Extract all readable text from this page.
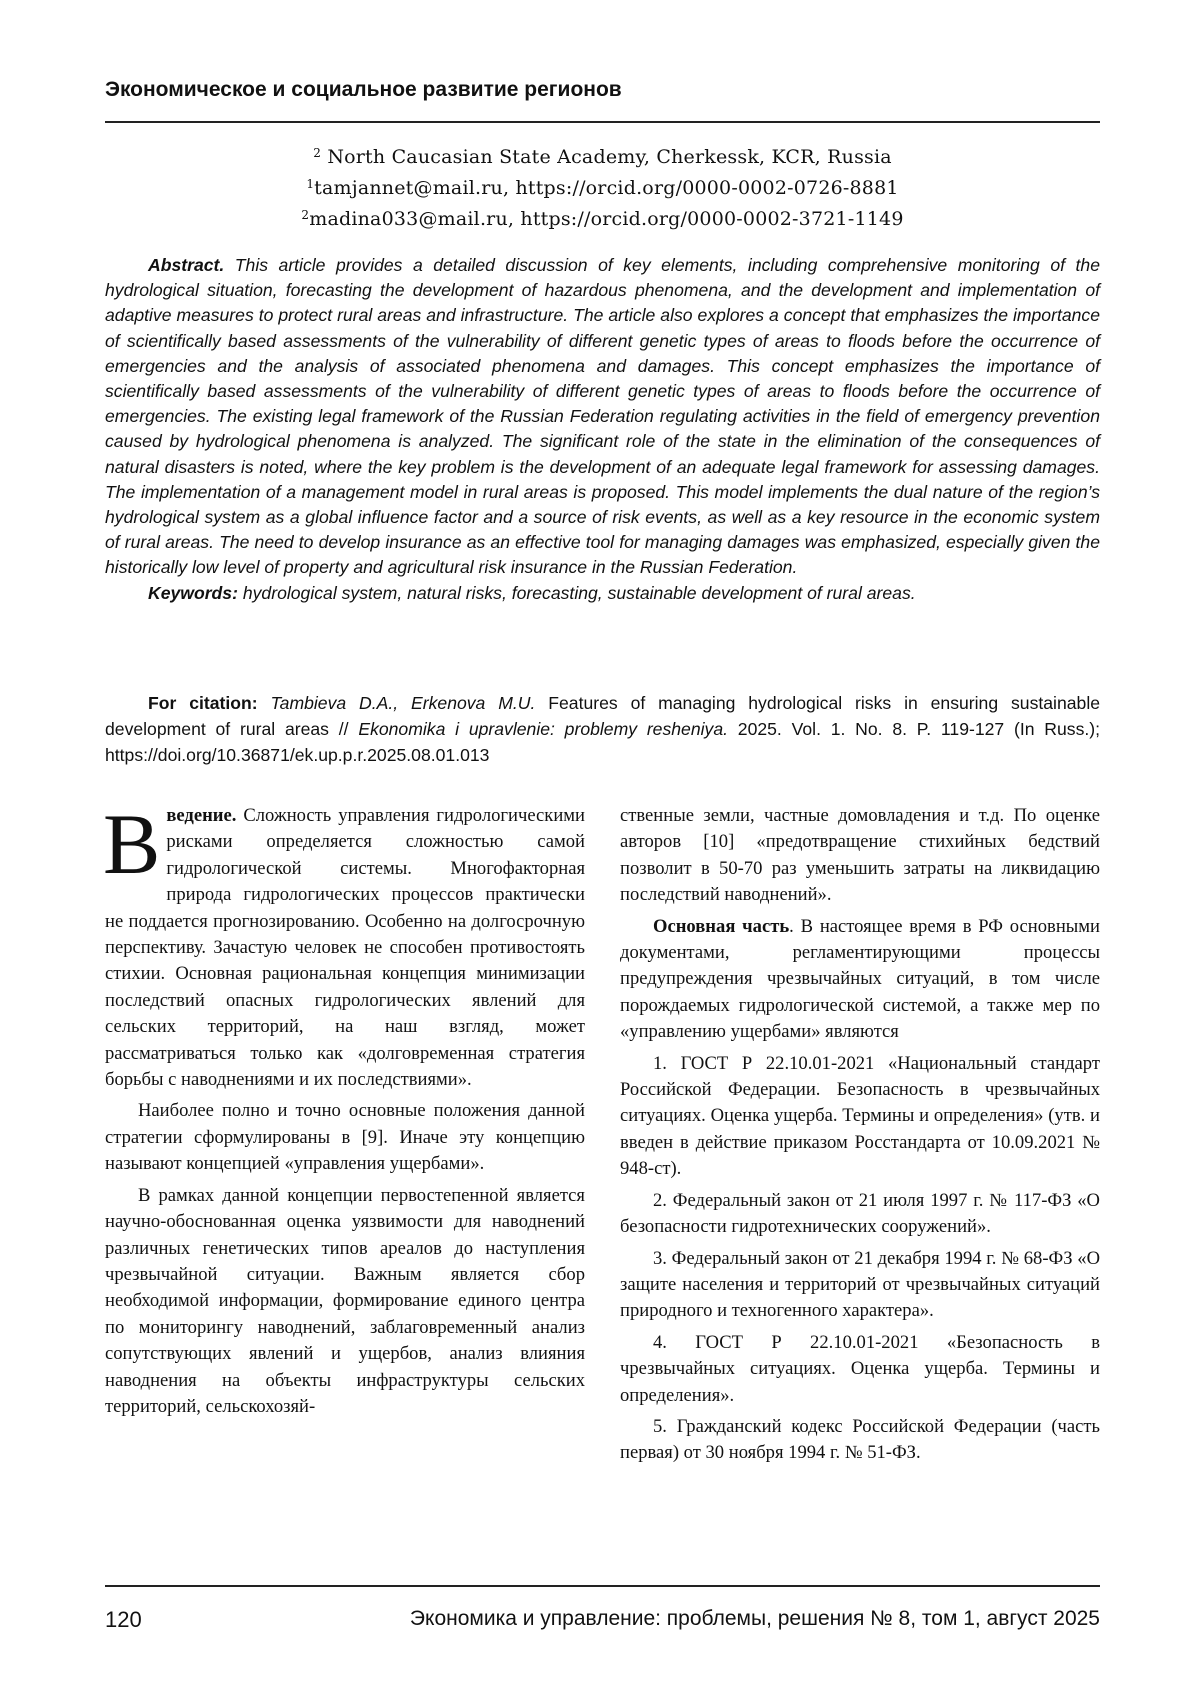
Экономическое и социальное развитие регионов
2 North Caucasian State Academy, Cherkessk, KCR, Russia
1tamjannet@mail.ru, https://orcid.org/0000-0002-0726-8881
2madina033@mail.ru, https://orcid.org/0000-0002-3721-1149

Abstract. This article provides a detailed discussion of key elements, including comprehensive monitoring of the hydrological situation, forecasting the development of hazardous phenomena, and the development and implementation of adaptive measures to protect rural areas and infrastructure. The article also explores a concept that emphasizes the importance of scientifically based assessments of the vulnerability of different genetic types of areas to floods before the occurrence of emergencies and the analysis of associated phenomena and damages. This concept emphasizes the importance of scientifically based assessments of the vulnerability of different genetic types of areas to floods before the occurrence of emergencies. The existing legal framework of the Russian Federation regulating activities in the field of emergency prevention caused by hydrological phenomena is analyzed. The significant role of the state in the elimination of the consequences of natural disasters is noted, where the key problem is the development of an adequate legal framework for assessing damages. The implementation of a management model in rural areas is proposed. This model implements the dual nature of the region’s hydrological system as a global influence factor and a source of risk events, as well as a key resource in the economic system of rural areas. The need to develop insurance as an effective tool for managing damages was emphasized, especially given the historically low level of property and agricultural risk insurance in the Russian Federation.

Keywords: hydrological system, natural risks, forecasting, sustainable development of rural areas.

For citation: Tambieva D.A., Erkenova M.U. Features of managing hydrological risks in ensuring sustainable development of rural areas // Ekonomika i upravlenie: problemy resheniya. 2025. Vol. 1. No. 8. P. 119-127 (In Russ.); https://doi.org/10.36871/ek.up.p.r.2025.08.01.013

В ведение. Сложность управления гидрологическими рисками определяется сложностью самой гидрологической системы. Многофакторная природа гидрологических процессов практически не поддается прогнозированию. Особенно на долгосрочную перспективу. Зачастую человек не способен противостоять стихии. Основная рациональная концепция минимизации последствий опасных гидрологических явлений для сельских территорий, на наш взгляд, может рассматриваться только как «долговременная стратегия борьбы с наводнениями и их последствиями».

Наиболее полно и точно основные положения данной стратегии сформулированы в [9]. Иначе эту концепцию называют концепцией «управления ущербами».

В рамках данной концепции первостепенной является научно-обоснованная оценка уязвимости для наводнений различных генетических типов ареалов до наступления чрезвычайной ситуации. Важным является сбор необходимой информации, формирование единого центра по мониторингу наводнений, заблаговременный анализ сопутствующих явлений и ущербов, анализ влияния наводнения на объекты инфраструктуры сельских территорий, сельскохозяй-

ственные земли, частные домовладения и т.д. По оценке авторов [10] «предотвращение стихийных бедствий позволит в 50-70 раз уменьшить затраты на ликвидацию последствий наводнений».

Основная часть. В настоящее время в РФ основными документами, регламентирующими процессы предупреждения чрезвычайных ситуаций, в том числе порождаемых гидрологической системой, а также мер по «управлению ущербами» являются

1. ГОСТ Р 22.10.01-2021 «Национальный стандарт Российской Федерации. Безопасность в чрезвычайных ситуациях. Оценка ущерба. Термины и определения» (утв. и введен в действие приказом Росстандарта от 10.09.2021 № 948-ст).

2. Федеральный закон от 21 июля 1997 г. № 117-ФЗ «О безопасности гидротехнических сооружений».

3. Федеральный закон от 21 декабря 1994 г. № 68-ФЗ «О защите населения и территорий от чрезвычайных ситуаций природного и техногенного характера».

4. ГОСТ Р 22.10.01-2021 «Безопасность в чрезвычайных ситуациях. Оценка ущерба. Термины и определения».

5. Гражданский кодекс Российской Федерации (часть первая) от 30 ноября 1994 г. № 51-ФЗ.

120	Экономика и управление: проблемы, решения № 8, том 1, август 2025
